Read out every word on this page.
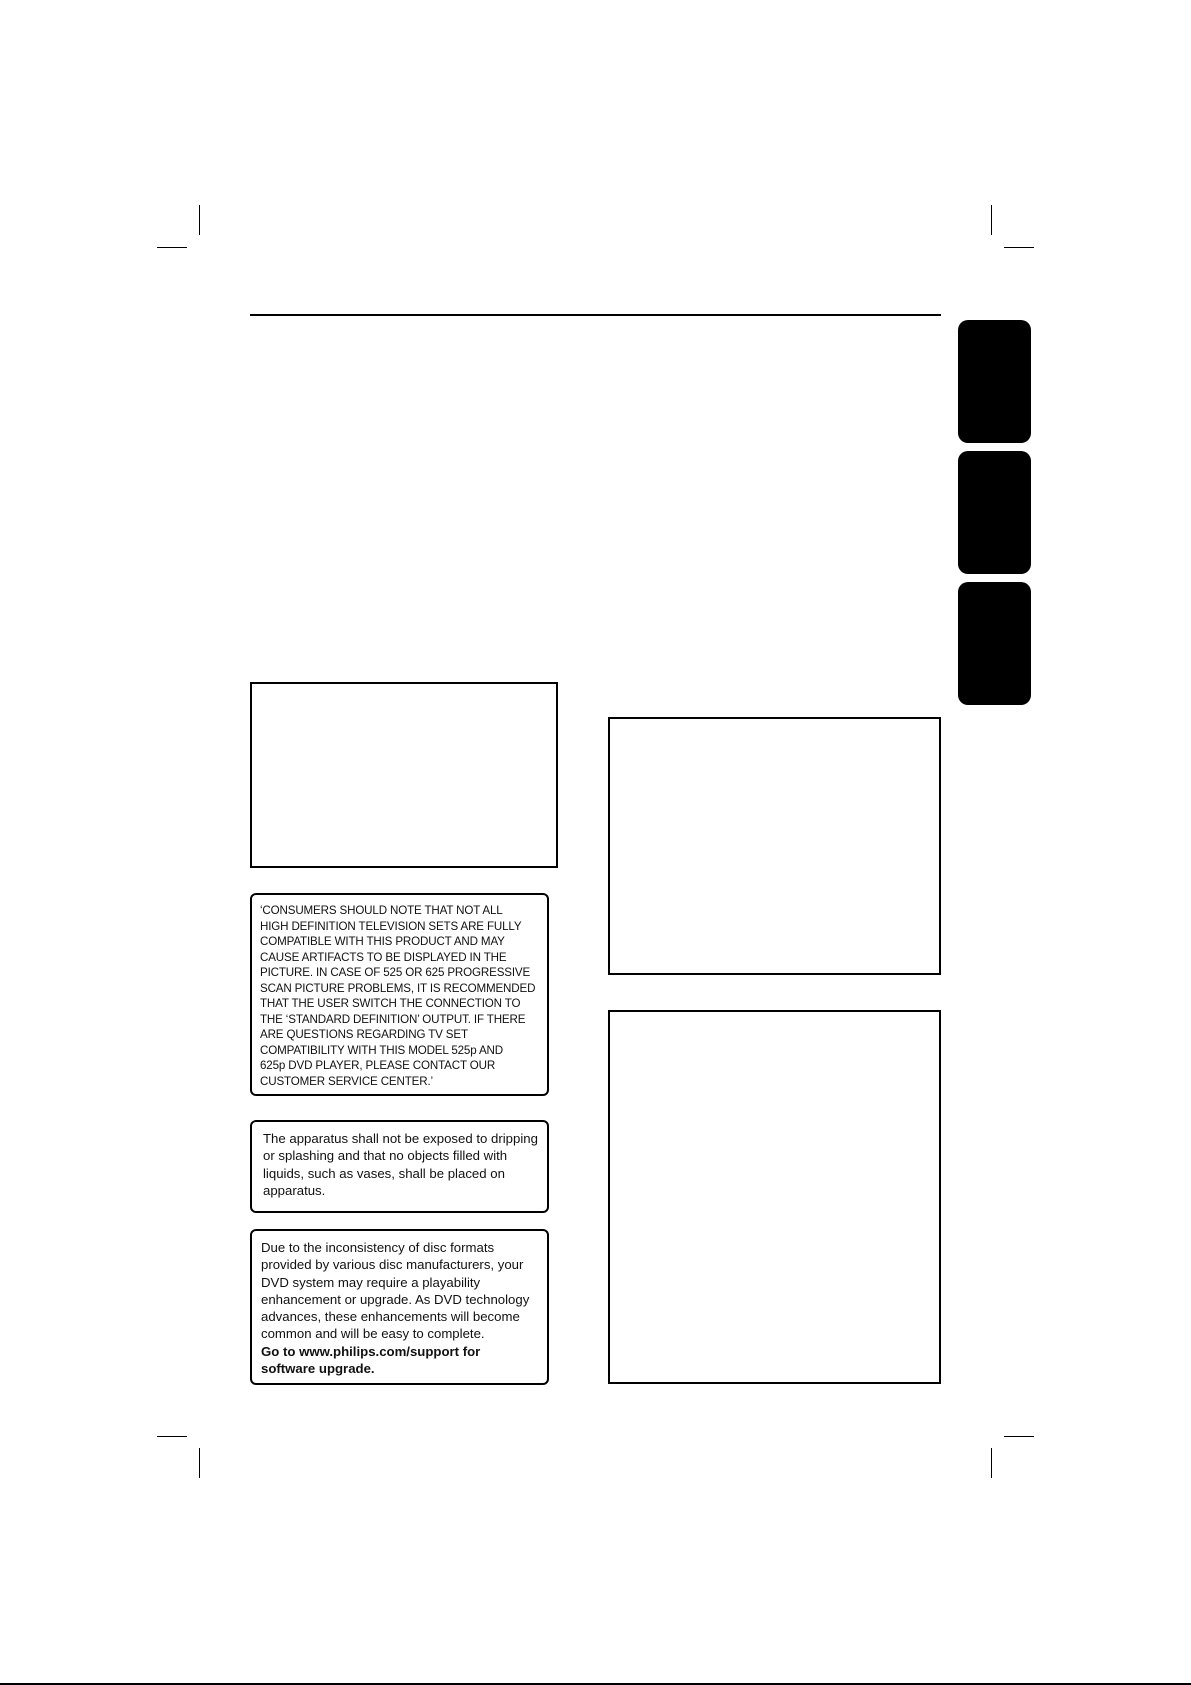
‘CONSUMERS SHOULD NOTE THAT NOT ALL
HIGH DEFINITION TELEVISION SETS ARE FULLY
COMPATIBLE WITH THIS PRODUCT AND MAY
CAUSE ARTIFACTS TO BE DISPLAYED IN THE
PICTURE. IN CASE OF 525 OR 625 PROGRESSIVE
SCAN PICTURE PROBLEMS, IT IS RECOMMENDED
THAT THE USER SWITCH THE CONNECTION TO
THE ‘STANDARD DEFINITION’ OUTPUT. IF THERE
ARE QUESTIONS REGARDING TV SET
COMPATIBILITY WITH THIS MODEL 525p AND
625p DVD PLAYER, PLEASE CONTACT OUR
CUSTOMER SERVICE CENTER.’
The apparatus shall not be exposed to dripping
or splashing and that no objects filled with
liquids, such as vases, shall be placed on
apparatus.
Due to the inconsistency of disc formats
provided by various disc manufacturers, your
DVD system may require a playability
enhancement or upgrade. As DVD technology
advances, these enhancements will become
common and will be easy to complete.
Go to www.philips.com/support for
software upgrade.
